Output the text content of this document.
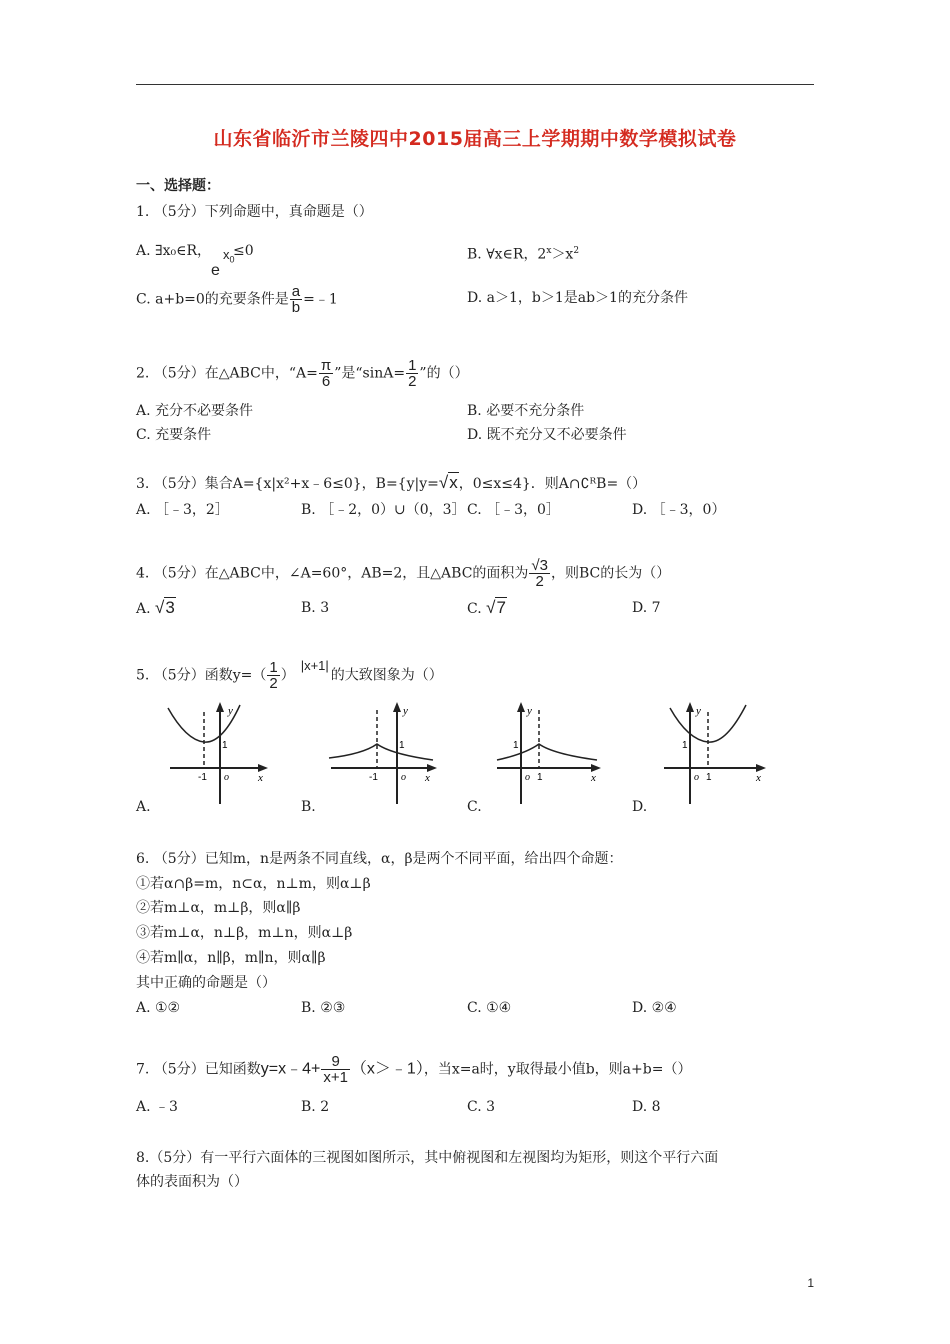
山东省临沂市兰陵四中2015届高三上学期期中数学模拟试卷
一、选择题：
1. （5分）下列命题中，真命题是（）
A. ∃x₀∈R，
e
$x_0$
≤0	B. ∀x∈R，$2^x>x^2$
C. a+b=0的充要条件是 $\frac{a}{b}$ =﹣1	D. a＞1，b＞1是ab＞1的充分条件
2. （5分）在△ABC中，“$A= \frac{\pi}{6}$ ”是“$\sin A= \frac{1}{2}$ ”的（）
A. 充分不必要条件	B. 必要不充分条件
C. 充要条件	D. 既不充分又不必要条件
3. （5分）集合A={x|x²+x﹣6≤0}，B={y|y=√x，0≤x≤4}．则A∩∁ᴿB=（）
A. ［﹣3，2］	B. ［﹣2，0）∪（0，3］ C. ［﹣3，0］	D. ［﹣3，0）
4. （5分）在△ABC中，∠A=60°，AB=2，且△ABC的面积为 $\frac{√3}{2}$ ，则BC的长为（）
A. √3	B. 3	C. √7	D. 7
5. （5分）函数$y=( \frac{1}{2} )|x+1|$的大致图象为（）
y
x
o
-1
1
A.
y
x
o
-1
1
B.
y
x
o 1
1
C.
y
x
o 1
1
D.
6. （5分）已知m，n是两条不同直线，α，β是两个不同平面，给出四个命题：
①若α∩β=m，n⊂α，n⊥m，则α⊥β
②若m⊥α，m⊥β，则α∥β
③若m⊥α，n⊥β，m⊥n，则α⊥β
④若m∥α，n∥β，m∥n，则α∥β
其中正确的命题是（）
A. ①②	B. ②③	C. ①④	D. ②④
7. （5分）已知函数y=x﹣4+ $\frac{9}{x+1}$ （x＞﹣1），当x=a时，y取得最小值b，则a+b=（）
A. ﹣3	B. 2	C. 3	D. 8
8.（5分）有一平行六面体的三视图如图所示，其中俯视图和左视图均为矩形，则这个平行六面
体的表面积为（）
1
